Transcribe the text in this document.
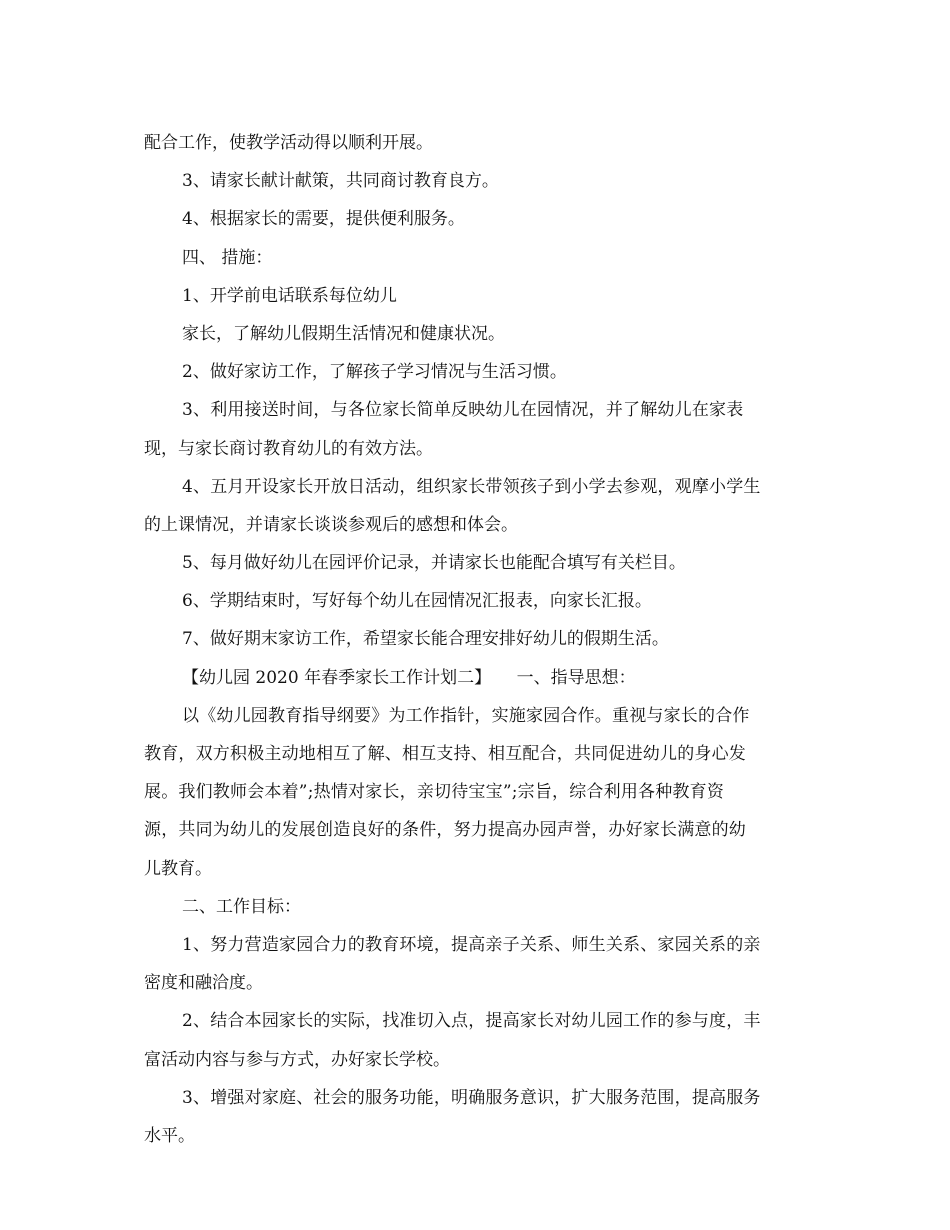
配合工作，使教学活动得以顺利开展。
3、请家长献计献策，共同商讨教育良方。
4、根据家长的需要，提供便利服务。
四、 措施：
1、开学前电话联系每位幼儿
家长，了解幼儿假期生活情况和健康状况。
2、做好家访工作，了解孩子学习情况与生活习惯。
3、利用接送时间，与各位家长简单反映幼儿在园情况，并了解幼儿在家表
现，与家长商讨教育幼儿的有效方法。
4、五月开设家长开放日活动，组织家长带领孩子到小学去参观，观摩小学生
的上课情况，并请家长谈谈参观后的感想和体会。
5、每月做好幼儿在园评价记录，并请家长也能配合填写有关栏目。
6、学期结束时，写好每个幼儿在园情况汇报表，向家长汇报。
7、做好期末家访工作，希望家长能合理安排好幼儿的假期生活。
【幼儿园 2020 年春季家长工作计划二】　　一、指导思想：
以《幼儿园教育指导纲要》为工作指针，实施家园合作。重视与家长的合作
教育，双方积极主动地相互了解、相互支持、相互配合，共同促进幼儿的身心发
展。我们教师会本着”;热情对家长，亲切待宝宝”;宗旨，综合利用各种教育资
源，共同为幼儿的发展创造良好的条件，努力提高办园声誉，办好家长满意的幼
儿教育。
二、工作目标：
1、努力营造家园合力的教育环境，提高亲子关系、师生关系、家园关系的亲
密度和融洽度。
2、结合本园家长的实际，找准切入点，提高家长对幼儿园工作的参与度，丰
富活动内容与参与方式，办好家长学校。
3、增强对家庭、社会的服务功能，明确服务意识，扩大服务范围，提高服务
水平。
